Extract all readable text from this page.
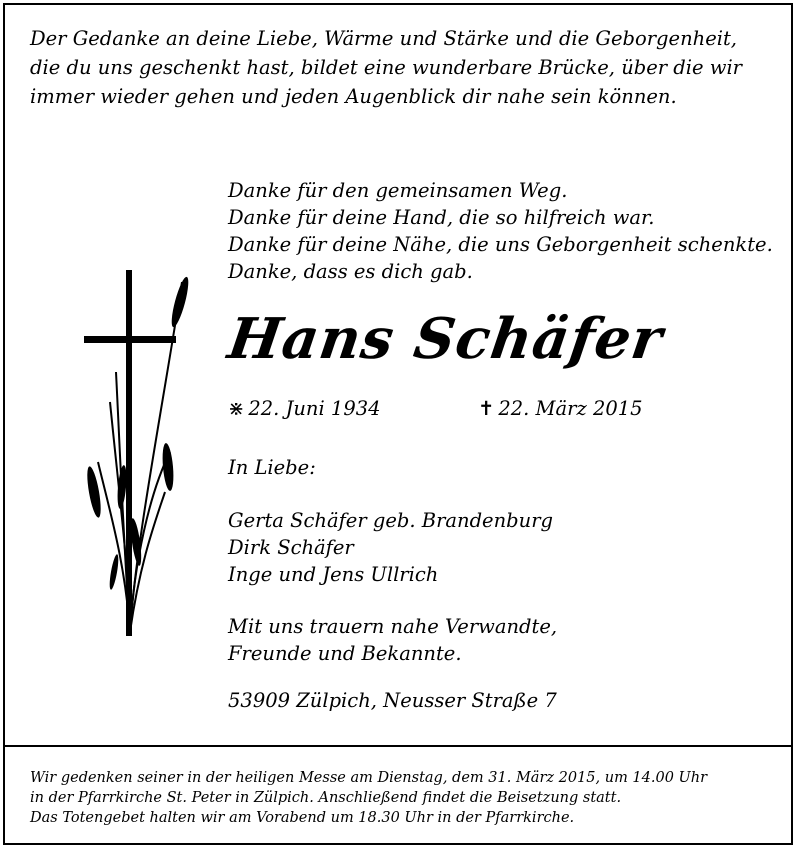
Der Gedanke an deine Liebe, Wärme und Stärke und die Geborgenheit,
die du uns geschenkt hast, bildet eine wunderbare Brücke, über die wir
immer wieder gehen und jeden Augenblick dir nahe sein können.
Danke für den gemeinsamen Weg.
Danke für deine Hand, die so hilfreich war.
Danke für deine Nähe, die uns Geborgenheit schenkte.
Danke, dass es dich gab.
Hans Schäfer
⋇ 22. Juni 1934	✝ 22. März 2015
In Liebe:
Gerta Schäfer geb. Brandenburg
Dirk Schäfer
Inge und Jens Ullrich
Mit uns trauern nahe Verwandte,
Freunde und Bekannte.
53909 Zülpich, Neusser Straße 7
Wir gedenken seiner in der heiligen Messe am Dienstag, dem 31. März 2015, um 14.00 Uhr
in der Pfarrkirche St. Peter in Zülpich. Anschließend findet die Beisetzung statt.
Das Totengebet halten wir am Vorabend um 18.30 Uhr in der Pfarrkirche.
